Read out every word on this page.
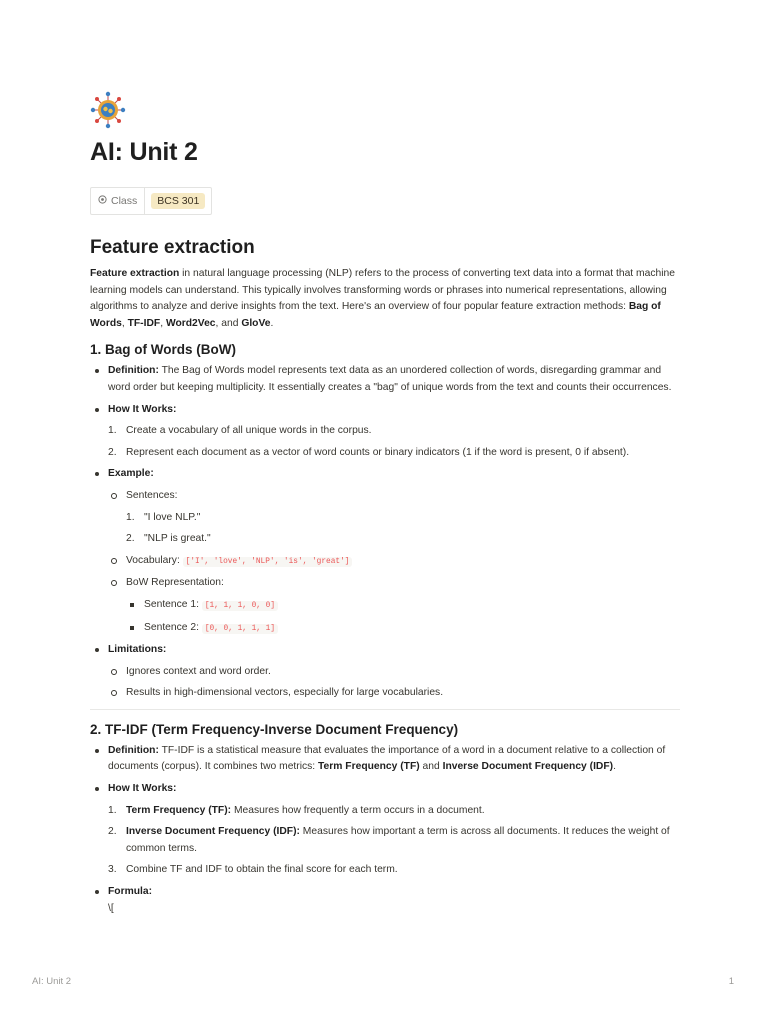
AI: Unit 2
Class	BCS 301
Feature extraction

Feature extraction in natural language processing (NLP) refers to the process of converting text data into a format that machine learning models can understand. This typically involves transforming words or phrases into numerical representations, allowing algorithms to analyze and derive insights from the text. Here's an overview of four popular feature extraction methods: Bag of Words, TF-IDF, Word2Vec, and GloVe.

1. Bag of Words (BoW)
Definition: The Bag of Words model represents text data as an unordered collection of words, disregarding grammar and word order but keeping multiplicity. It essentially creates a "bag" of unique words from the text and counts their occurrences.
How It Works:
1. Create a vocabulary of all unique words in the corpus.
2. Represent each document as a vector of word counts or binary indicators (1 if the word is present, 0 if absent).
Example:
Sentences:
1. "I love NLP."
2. "NLP is great."
Vocabulary: ['I', 'love', 'NLP', 'is', 'great']
BoW Representation:
Sentence 1: [1, 1, 1, 0, 0]
Sentence 2: [0, 0, 1, 1, 1]
Limitations:
Ignores context and word order.
Results in high-dimensional vectors, especially for large vocabularies.
2. TF-IDF (Term Frequency-Inverse Document Frequency)
Definition: TF-IDF is a statistical measure that evaluates the importance of a word in a document relative to a collection of documents (corpus). It combines two metrics: Term Frequency (TF) and Inverse Document Frequency (IDF).
How It Works:
1. Term Frequency (TF): Measures how frequently a term occurs in a document.
2. Inverse Document Frequency (IDF): Measures how important a term is across all documents. It reduces the weight of common terms.
3. Combine TF and IDF to obtain the final score for each term.
Formula:
\[
AI: Unit 2	1
